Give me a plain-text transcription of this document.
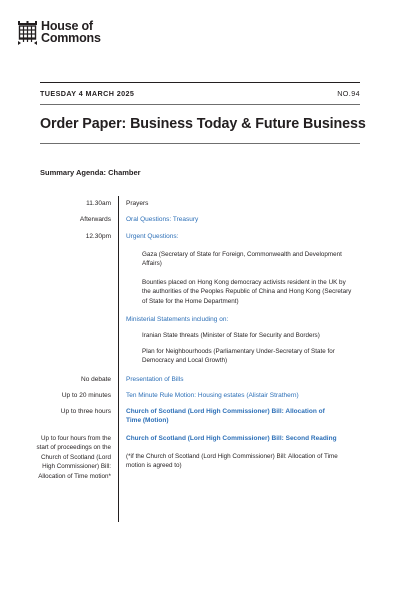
House of
Commons
TUESDAY 4 MARCH 2025	NO.94
Order Paper: Business Today & Future Business
Summary Agenda: Chamber
11.30am Prayers
Afterwards Oral Questions: Treasury
12.30pm Urgent Questions:
Gaza (Secretary of State for Foreign, Commonwealth and Development Affairs)
Bounties placed on Hong Kong democracy activists resident in the UK by the authorities of the Peoples Republic of China and Hong Kong (Secretary of State for the Home Department)
Ministerial Statements including on:
Iranian State threats (Minister of State for Security and Borders)
Plan for Neighbourhoods (Parliamentary Under-Secretary of State for Democracy and Local Growth)
No debate Presentation of Bills
Up to 20 minutes Ten Minute Rule Motion: Housing estates (Alistair Strathern)
Up to three hours Church of Scotland (Lord High Commissioner) Bill: Allocation of
Time (Motion)
Up to four hours from the start of proceedings on the Church of Scotland (Lord High Commissioner) Bill: Allocation of Time motion*
Church of Scotland (Lord High Commissioner) Bill: Second Reading
(*if the Church of Scotland (Lord High Commissioner) Bill: Allocation of Time motion is agreed to)
